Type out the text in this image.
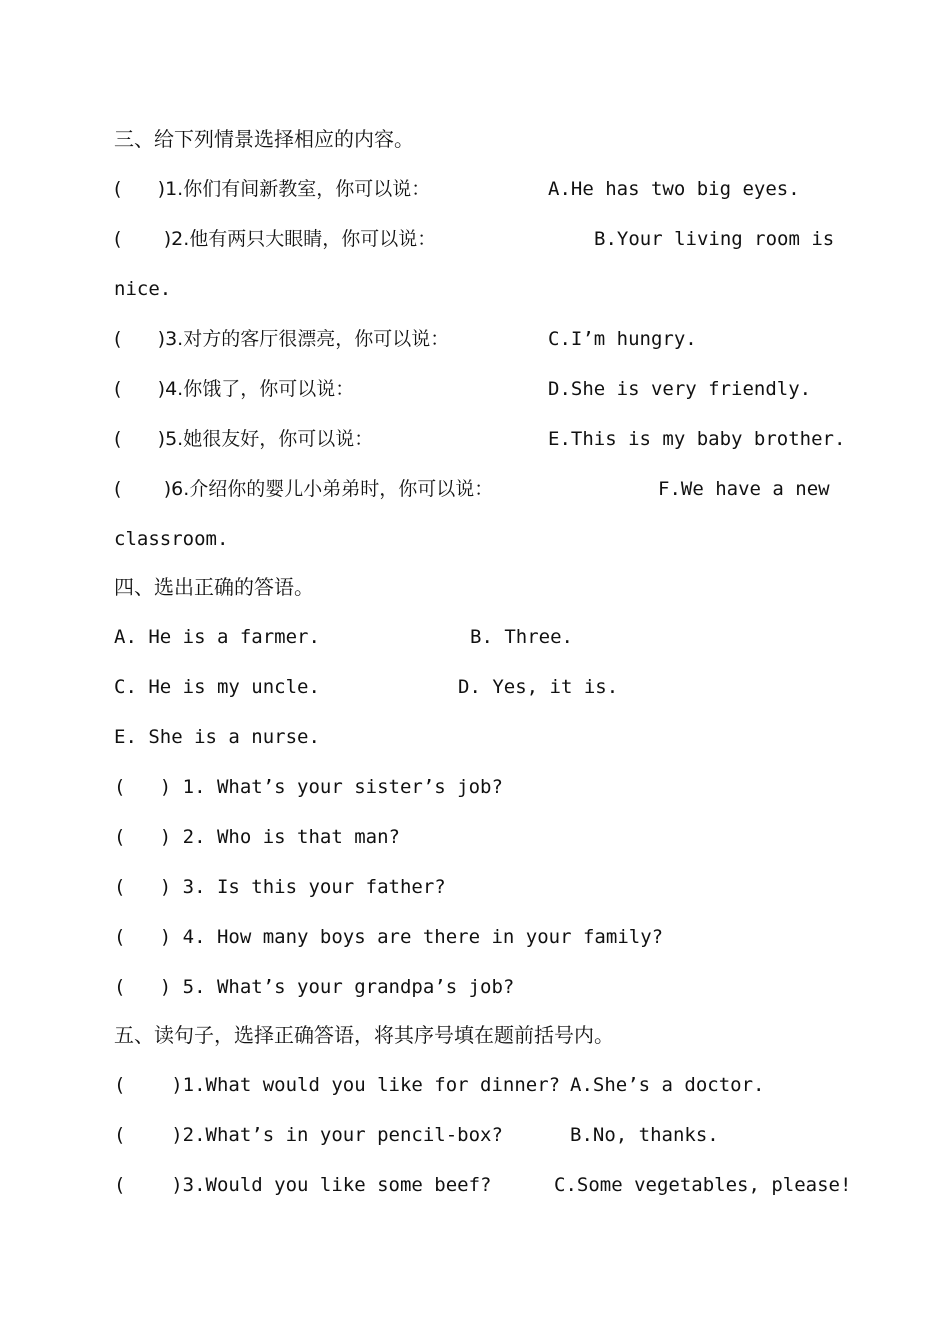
三、给下列情景选择相应的内容。
(      )1.你们有间新教室，你可以说：	A.He has two big eyes.
(       )2.他有两只大眼睛，你可以说：	B.Your living room is
nice.
(      )3.对方的客厅很漂亮，你可以说：	C.I’m hungry.
(      )4.你饿了，你可以说：	D.She is very friendly.
(      )5.她很友好，你可以说：	E.This is my baby brother.
(       )6.介绍你的婴儿小弟弟时，你可以说：	F.We have a new
classroom.
四、选出正确的答语。
A. He is a farmer.	B. Three.
C. He is my uncle.	D. Yes, it is.
E. She is a nurse.
(   ) 1. What’s your sister’s job?
(   ) 2. Who is that man?
(   ) 3. Is this your father?
(   ) 4. How many boys are there in your family?
(   ) 5. What’s your grandpa’s job?
五、读句子，选择正确答语，将其序号填在题前括号内。
(    )1.What would you like for dinner? A.She’s a doctor.
(    )2.What’s in your pencil-box?	B.No, thanks.
(    )3.Would you like some beef?	C.Some vegetables, please!
